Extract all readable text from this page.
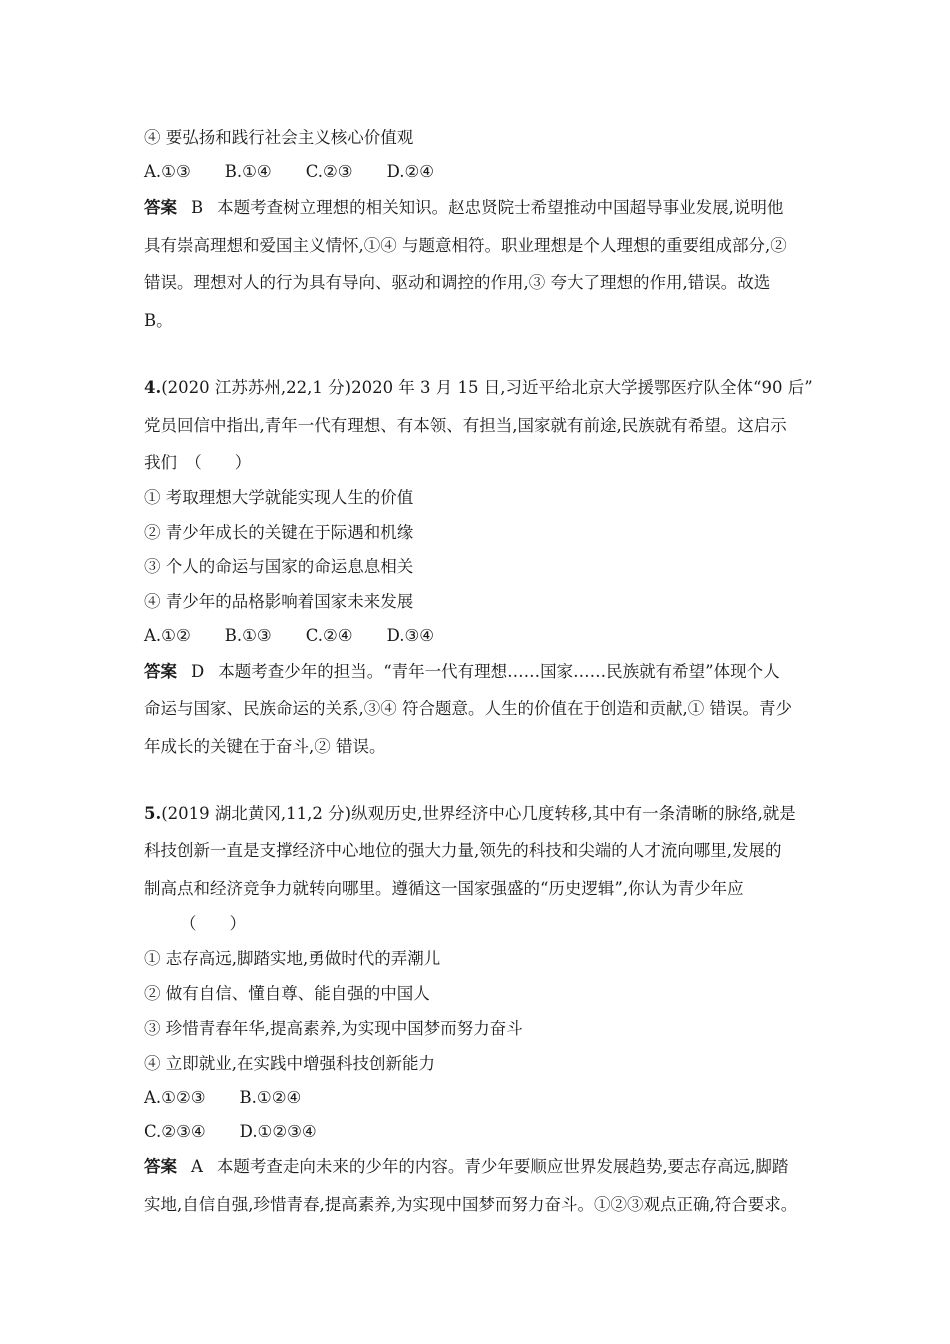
④ 要弘扬和践行社会主义核心价值观
A.①③ B.①④ C.②③ D.②④
答案 B 本题考查树立理想的相关知识。赵忠贤院士希望推动中国超导事业发展,说明他
具有崇高理想和爱国主义情怀,①④ 与题意相符。职业理想是个人理想的重要组成部分,②
错误。理想对人的行为具有导向、驱动和调控的作用,③ 夸大了理想的作用,错误。故选
B。
4.(2020 江苏苏州,22,1 分)2020 年 3 月 15 日,习近平给北京大学援鄂医疗队全体“90 后”
党员回信中指出,青年一代有理想、有本领、有担当,国家就有前途,民族就有希望。这启示
我们　（　　）
① 考取理想大学就能实现人生的价值
② 青少年成长的关键在于际遇和机缘
③ 个人的命运与国家的命运息息相关
④ 青少年的品格影响着国家未来发展
A.①② B.①③ C.②④ D.③④
答案 D 本题考查少年的担当。“青年一代有理想……国家……民族就有希望”体现个人
命运与国家、民族命运的关系,③④ 符合题意。人生的价值在于创造和贡献,① 错误。青少
年成长的关键在于奋斗,② 错误。
5.(2019 湖北黄冈,11,2 分)纵观历史,世界经济中心几度转移,其中有一条清晰的脉络,就是
科技创新一直是支撑经济中心地位的强大力量,领先的科技和尖端的人才流向哪里,发展的
制高点和经济竞争力就转向哪里。遵循这一国家强盛的“历史逻辑”,你认为青少年应
（　　）
① 志存高远,脚踏实地,勇做时代的弄潮儿
② 做有自信、懂自尊、能自强的中国人
③ 珍惜青春年华,提高素养,为实现中国梦而努力奋斗
④ 立即就业,在实践中增强科技创新能力
A.①②③ B.①②④
C.②③④ D.①②③④
答案 A 本题考查走向未来的少年的内容。青少年要顺应世界发展趋势,要志存高远,脚踏
实地,自信自强,珍惜青春,提高素养,为实现中国梦而努力奋斗。①②③观点正确,符合要求。
